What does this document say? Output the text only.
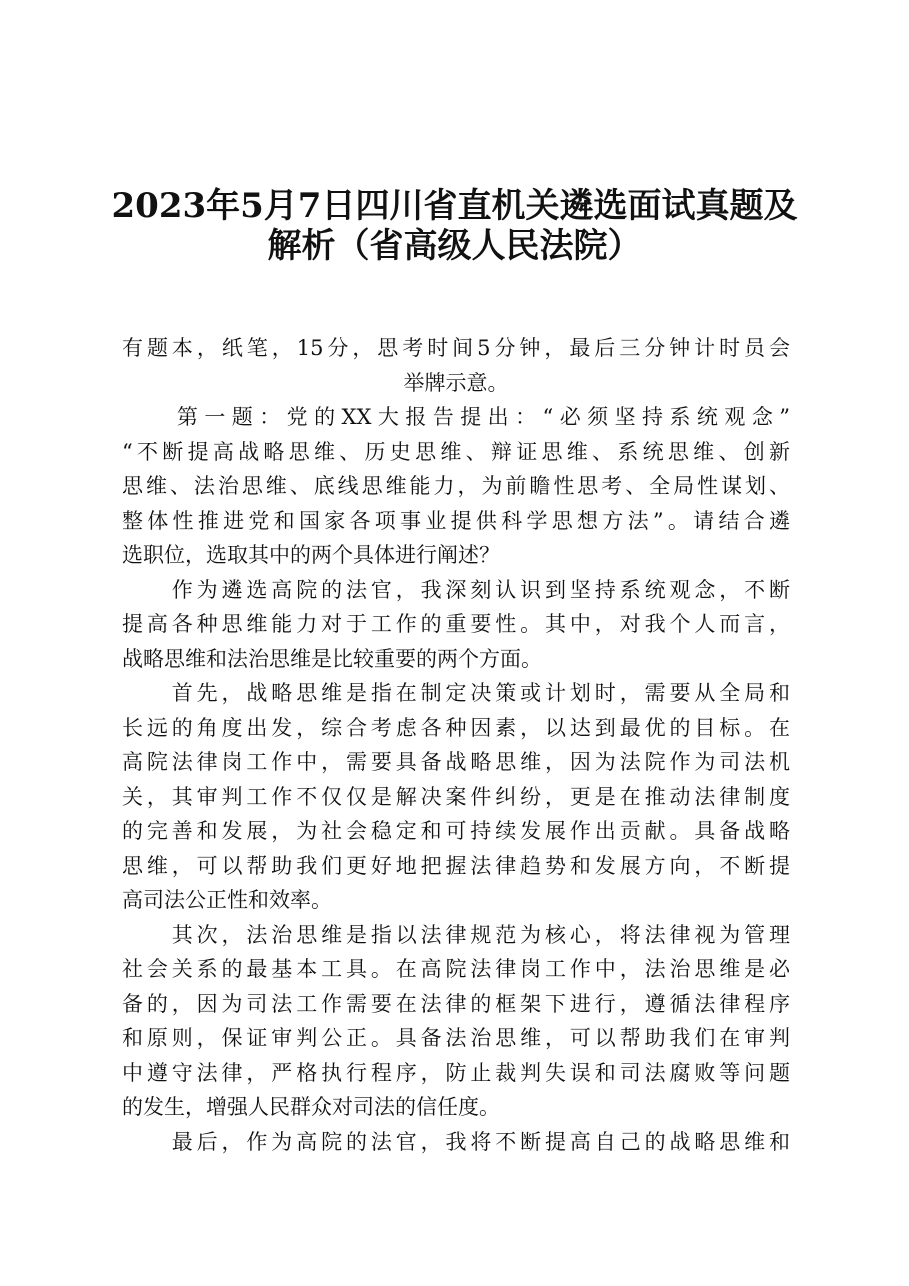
2023年5月7日四川省直机关遴选面试真题及
解析（省高级人民法院）
有题本，纸笔，15分，思考时间5分钟，最后三分钟计时员会
举牌示意。
　　第一题：党的XX大报告提出：“必须坚持系统观念”
“不断提高战略思维、历史思维、辩证思维、系统思维、创新
思维、法治思维、底线思维能力，为前瞻性思考、全局性谋划、
整体性推进党和国家各项事业提供科学思想方法”。请结合遴
选职位，选取其中的两个具体进行阐述？
　　作为遴选高院的法官，我深刻认识到坚持系统观念，不断
提高各种思维能力对于工作的重要性。其中，对我个人而言，
战略思维和法治思维是比较重要的两个方面。
　　首先，战略思维是指在制定决策或计划时，需要从全局和
长远的角度出发，综合考虑各种因素，以达到最优的目标。在
高院法律岗工作中，需要具备战略思维，因为法院作为司法机
关，其审判工作不仅仅是解决案件纠纷，更是在推动法律制度
的完善和发展，为社会稳定和可持续发展作出贡献。具备战略
思维，可以帮助我们更好地把握法律趋势和发展方向，不断提
高司法公正性和效率。
　　其次，法治思维是指以法律规范为核心，将法律视为管理
社会关系的最基本工具。在高院法律岗工作中，法治思维是必
备的，因为司法工作需要在法律的框架下进行，遵循法律程序
和原则，保证审判公正。具备法治思维，可以帮助我们在审判
中遵守法律，严格执行程序，防止裁判失误和司法腐败等问题
的发生，增强人民群众对司法的信任度。
　　最后，作为高院的法官，我将不断提高自己的战略思维和
